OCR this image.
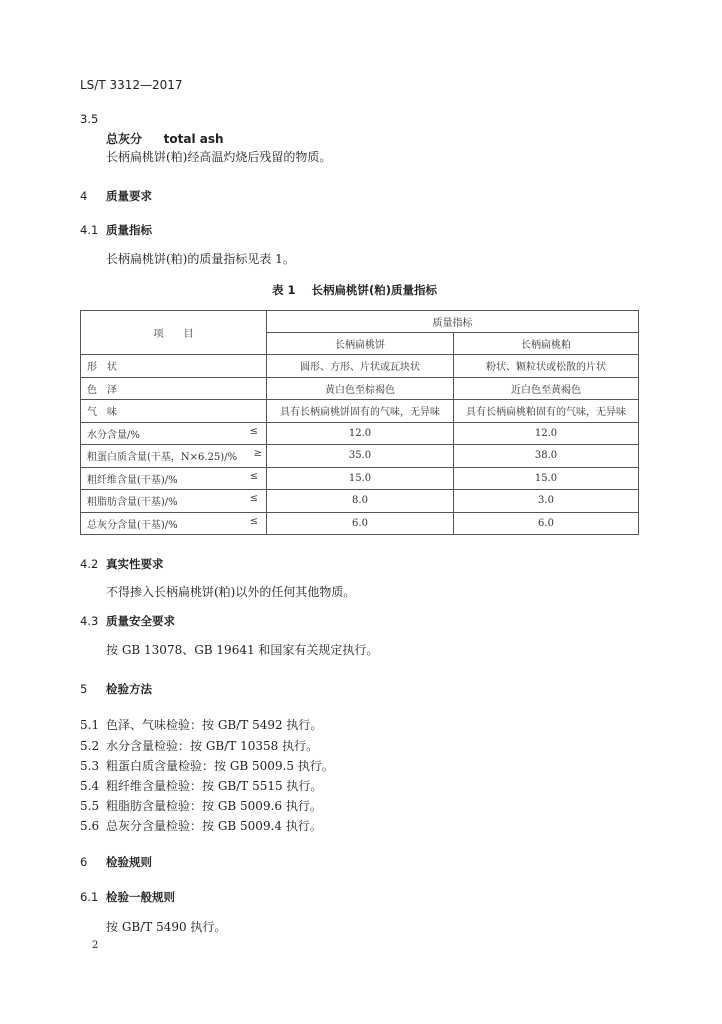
LS/T 3312—2017
3.5
总灰分 total ash
长柄扁桃饼(粕)经高温灼烧后残留的物质。
4 质量要求
4.1 质量指标
长柄扁桃饼(粕)的质量指标见表 1。
表 1 长柄扁桃饼(粕)质量指标
项　　目	质量指标	
	长柄扁桃饼	长柄扁桃粕
形　状	圆形、方形、片状或瓦块状	粉状、颗粒状或松散的片状
色　泽	黄白色至棕褐色	近白色至黄褐色
气　味	具有长柄扁桃饼固有的气味，无异味	具有长柄扁桃粕固有的气味，无异味
水分含量/% ≤	12.0	12.0
粗蛋白质含量(干基，N×6.25)/% ≥	35.0	38.0
粗纤维含量(干基)/% ≤	15.0	15.0
粗脂肪含量(干基)/% ≤	8.0	3.0
总灰分含量(干基)/% ≤	6.0	6.0
4.2 真实性要求
不得掺入长柄扁桃饼(粕)以外的任何其他物质。
4.3 质量安全要求
按 GB 13078、GB 19641 和国家有关规定执行。
5 检验方法
5.1 色泽、气味检验：按 GB/T 5492 执行。
5.2 水分含量检验：按 GB/T 10358 执行。
5.3 粗蛋白质含量检验：按 GB 5009.5 执行。
5.4 粗纤维含量检验：按 GB/T 5515 执行。
5.5 粗脂肪含量检验：按 GB 5009.6 执行。
5.6 总灰分含量检验：按 GB 5009.4 执行。
6 检验规则
6.1 检验一般规则
按 GB/T 5490 执行。
2
